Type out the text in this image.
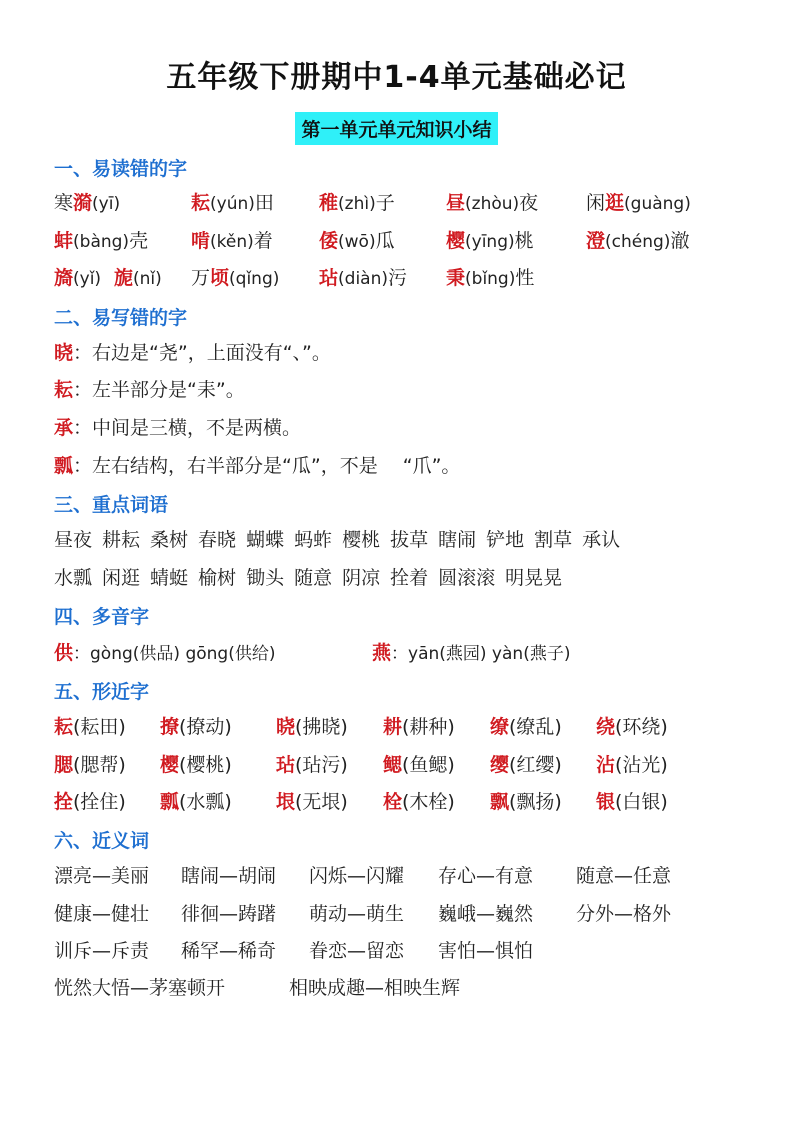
五年级下册期中1-4单元基础必记
第一单元单元知识小结
一、易读错的字
寒漪(yī)	耘(yún)田 稚(zhì)子	昼(zhòu)夜	闲逛(guàng)
蚌(bàng)壳 啃(kěn)着 倭(wō)瓜	樱(yīng)桃	澄(chéng)澈
旖(yǐ) 旎(nǐ) 万顷(qǐng) 玷(diàn)污 秉(bǐng)性
二、易写错的字
晓：右边是“尧”，上面没有“、”。
耘：左半部分是“耒”。
承：中间是三横，不是两横。
瓢：左右结构，右半部分是“瓜”，不是　 “爪”。
三、重点词语
昼夜 耕耘 桑树 春晓 蝴蝶 蚂蚱 樱桃 拔草 瞎闹 铲地 割草 承认
水瓢 闲逛 蜻蜓 榆树 锄头 随意 阴凉 拴着 圆滚滚 明晃晃
四、多音字
供：gòng(供品) gōng(供给)	燕：yān(燕园) yàn(燕子)
五、形近字
耘(耘田) 撩(撩动) 晓(拂晓) 耕(耕种) 缭(缭乱) 绕(环绕)
腮(腮帮) 樱(樱桃) 玷(玷污) 鳃(鱼鳃) 缨(红缨) 沾(沾光)
拴(拴住) 瓢(水瓢) 垠(无垠) 栓(木栓) 飘(飘扬) 银(白银)
六、近义词
漂亮—美丽 瞎闹—胡闹 闪烁—闪耀 存心—有意 随意—任意
健康—健壮 徘徊—踌躇 萌动—萌生 巍峨—巍然 分外—格外
训斥—斥责 稀罕—稀奇 眷恋—留恋 害怕—惧怕
恍然大悟—茅塞顿开	相映成趣—相映生辉
